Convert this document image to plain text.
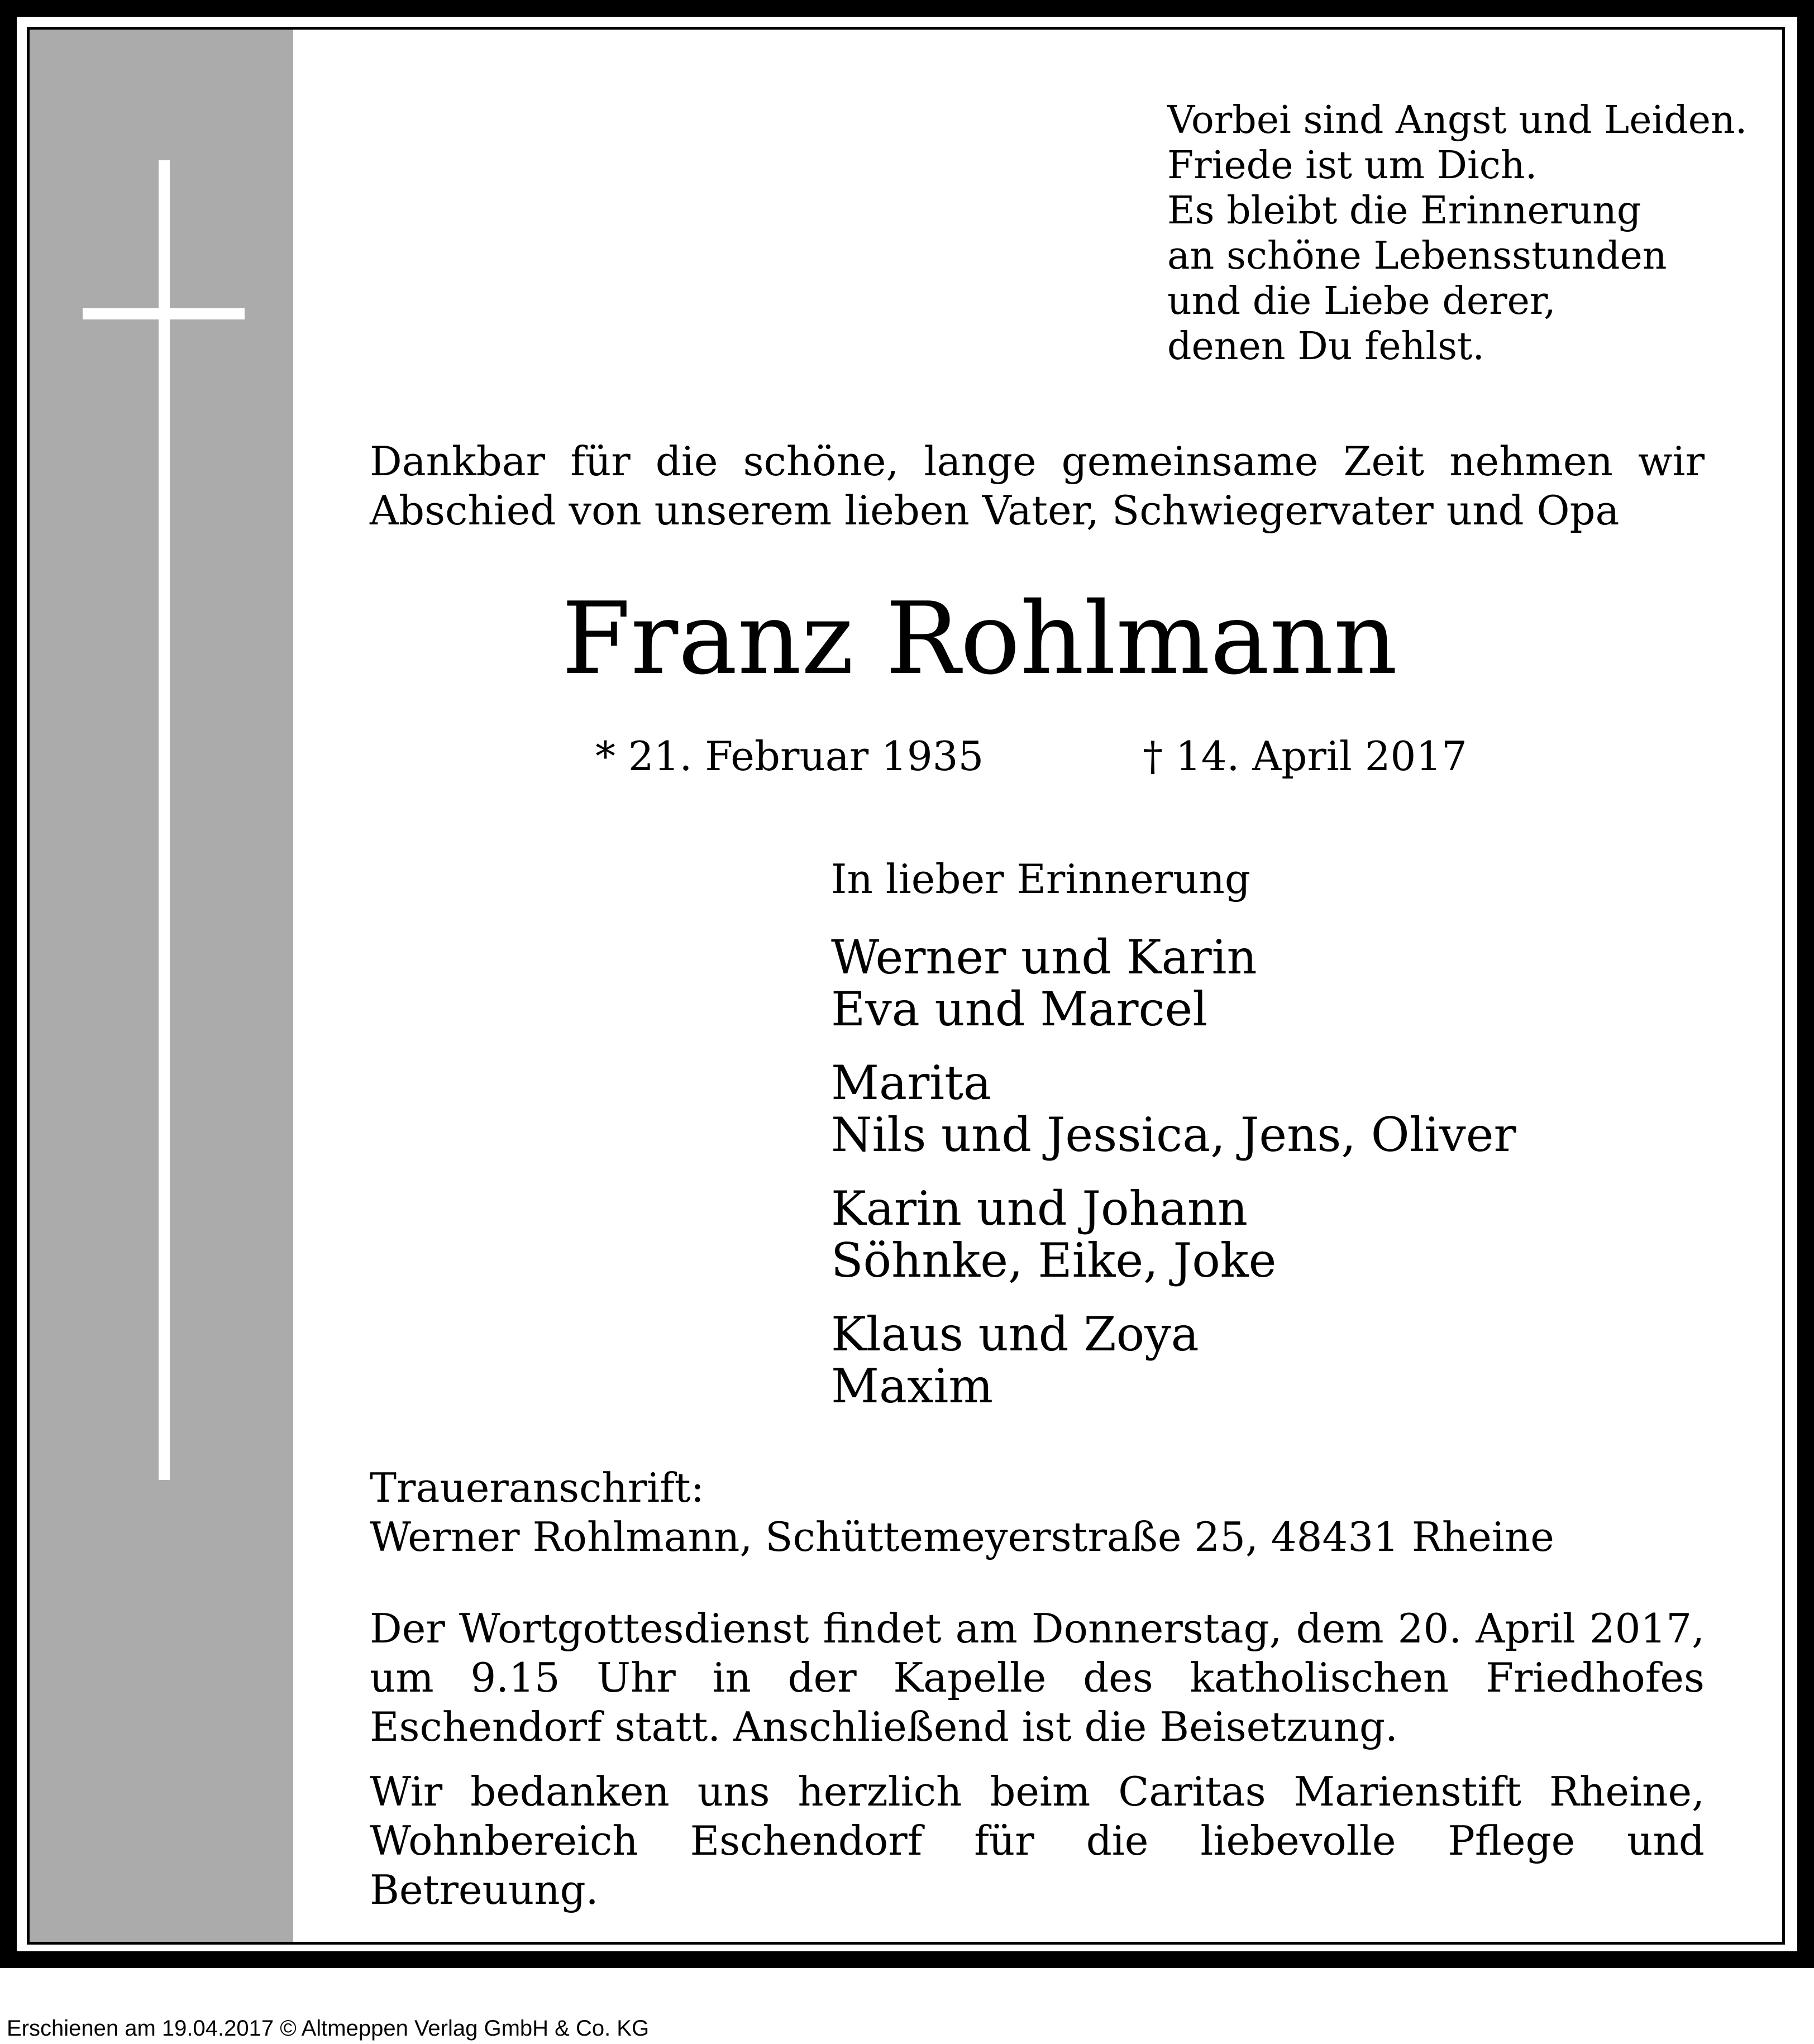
Vorbei sind Angst und Leiden.
Friede ist um Dich.
Es bleibt die Erinnerung
an schöne Lebensstunden
und die Liebe derer,
denen Du fehlst.
Dankbar für die schöne, lange gemeinsame Zeit nehmen wir Abschied von unserem lieben Vater, Schwiegervater und Opa
Franz Rohlmann
* 21. Februar 1935	† 14. April 2017
In lieber Erinnerung
Werner und Karin
Eva und Marcel
Marita
Nils und Jessica, Jens, Oliver
Karin und Johann
Söhnke, Eike, Joke
Klaus und Zoya
Maxim
Traueranschrift:
Werner Rohlmann, Schüttemeyerstraße 25, 48431 Rheine
Der Wortgottesdienst findet am Donnerstag, dem 20. April 2017, um 9.15 Uhr in der Kapelle des katholischen Friedhofes Eschendorf statt. Anschließend ist die Beisetzung.
Wir bedanken uns herzlich beim Caritas Marienstift Rheine, Wohnbereich Eschendorf für die liebevolle Pflege und Betreuung.
Erschienen am 19.04.2017 © Altmeppen Verlag GmbH & Co. KG
